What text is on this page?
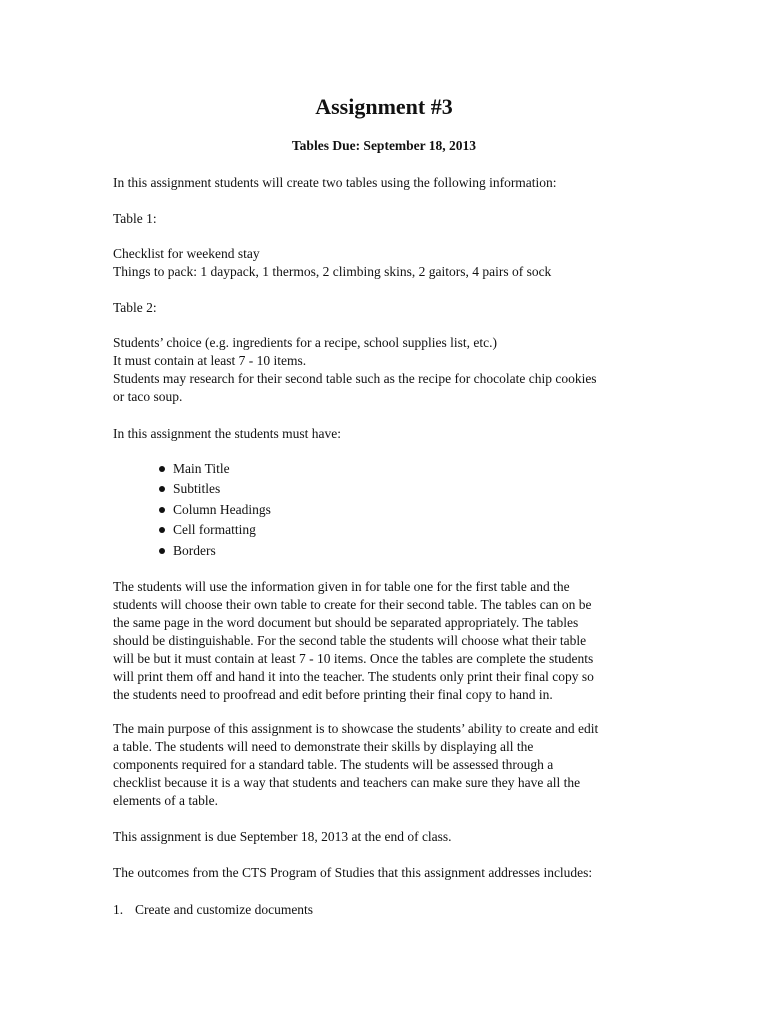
Assignment #3

Tables Due: September 18, 2013

In this assignment students will create two tables using the following information:

Table 1:

Checklist for weekend stay
Things to pack: 1 daypack, 1 thermos, 2 climbing skins, 2 gaitors, 4 pairs of sock

Table 2:

Students’ choice (e.g. ingredients for a recipe, school supplies list, etc.)
It must contain at least 7 - 10 items.
Students may research for their second table such as the recipe for chocolate chip cookies
or taco soup.

In this assignment the students must have:

Main Title
Subtitles
Column Headings
Cell formatting
Borders

The students will use the information given in for table one for the first table and the
students will choose their own table to create for their second table. The tables can on be
the same page in the word document but should be separated appropriately. The tables
should be distinguishable. For the second table the students will choose what their table
will be but it must contain at least 7 - 10 items. Once the tables are complete the students
will print them off and hand it into the teacher. The students only print their final copy so
the students need to proofread and edit before printing their final copy to hand in.

The main purpose of this assignment is to showcase the students’ ability to create and edit
a table. The students will need to demonstrate their skills by displaying all the
components required for a standard table. The students will be assessed through a
checklist because it is a way that students and teachers can make sure they have all the
elements of a table.

This assignment is due September 18, 2013 at the end of class.

The outcomes from the CTS Program of Studies that this assignment addresses includes:

1. Create and customize documents
